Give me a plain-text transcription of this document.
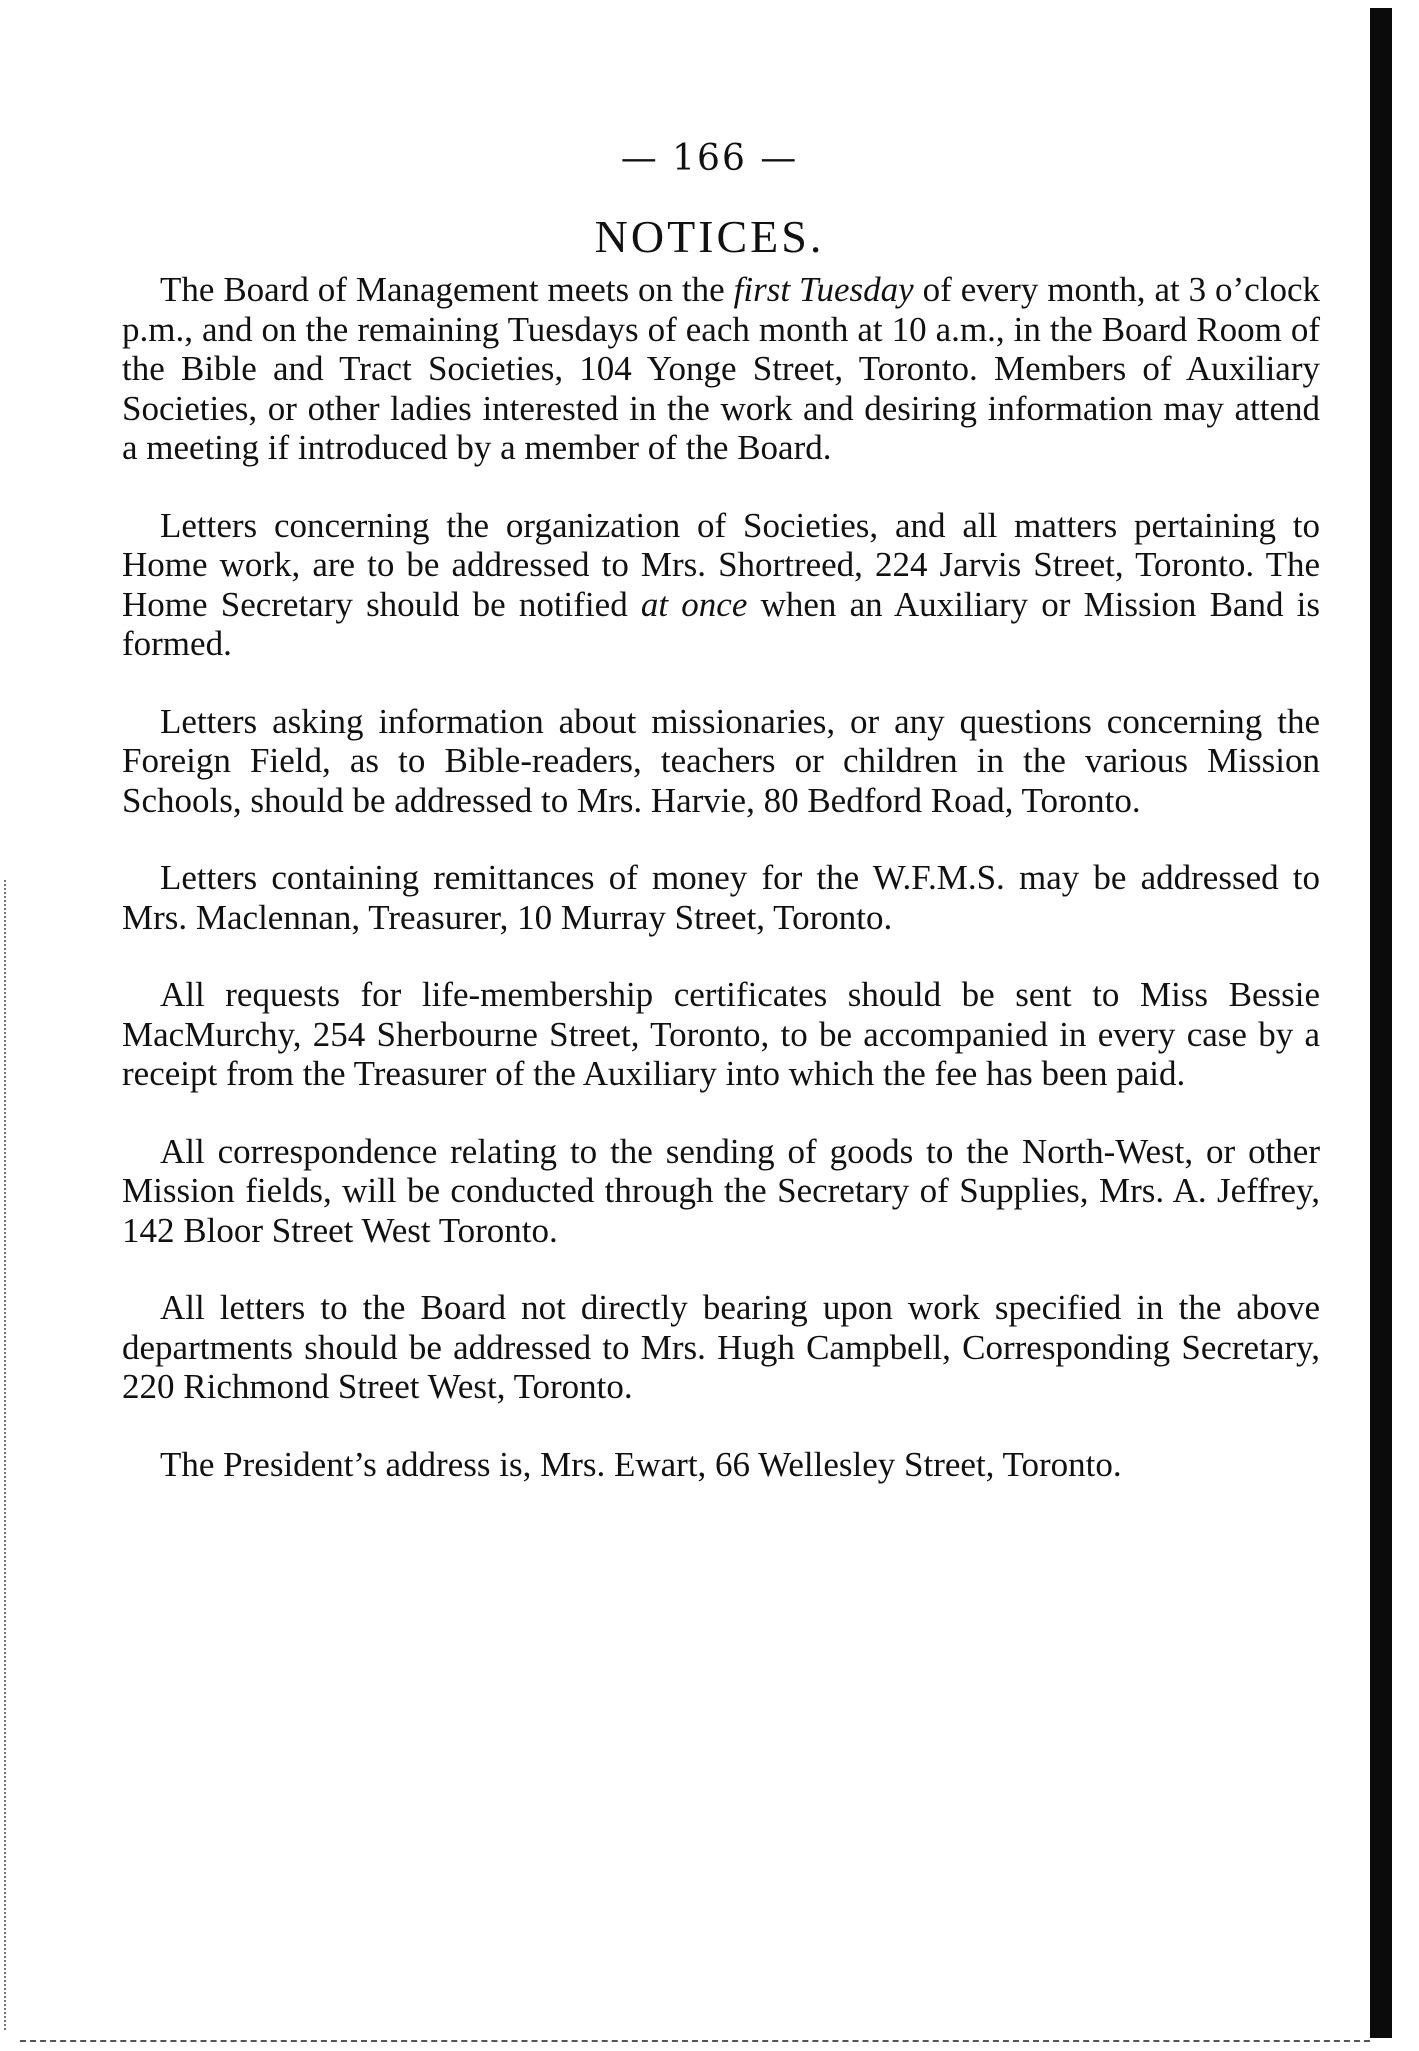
— 166 —
NOTICES.

The Board of Management meets on the first Tuesday of every month, at 3 o’clock p.m., and on the remaining Tuesdays of each month at 10 a.m., in the Board Room of the Bible and Tract Societies, 104 Yonge Street, Toronto. Members of Auxiliary Societies, or other ladies interested in the work and desiring information may attend a meeting if introduced by a member of the Board.

Letters concerning the organization of Societies, and all matters pertaining to Home work, are to be addressed to Mrs. Shortreed, 224 Jarvis Street, Toronto. The Home Secretary should be notified at once when an Auxiliary or Mission Band is formed.

Letters asking information about missionaries, or any questions concerning the Foreign Field, as to Bible-readers, teachers or children in the various Mission Schools, should be addressed to Mrs. Harvie, 80 Bedford Road, Toronto.

Letters containing remittances of money for the W.F.M.S. may be addressed to Mrs. Maclennan, Treasurer, 10 Murray Street, Toronto.

All requests for life-membership certificates should be sent to Miss Bessie MacMurchy, 254 Sherbourne Street, Toronto, to be accompanied in every case by a receipt from the Treasurer of the Auxiliary into which the fee has been paid.

All correspondence relating to the sending of goods to the North-West, or other Mission fields, will be conducted through the Secretary of Supplies, Mrs. A. Jeffrey, 142 Bloor Street West Toronto.

All letters to the Board not directly bearing upon work specified in the above departments should be addressed to Mrs. Hugh Campbell, Corresponding Secretary, 220 Richmond Street West, Toronto.

The President’s address is, Mrs. Ewart, 66 Wellesley Street, Toronto.
